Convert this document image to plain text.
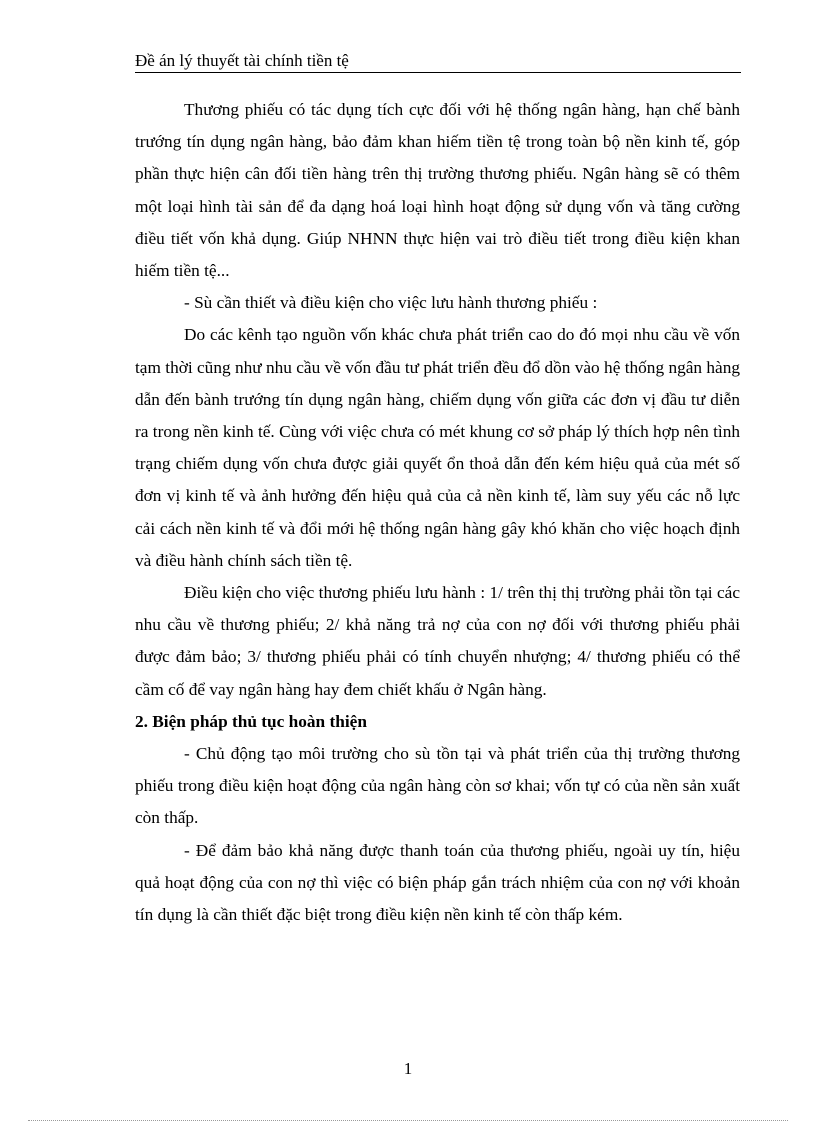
Đề án lý thuyết tài chính tiền tệ

Thương phiếu có tác dụng tích cực đối với hệ thống ngân hàng, hạn chế bành trướng tín dụng ngân hàng, bảo đảm khan hiếm tiền tệ trong toàn bộ nền kinh tế, góp phần thực hiện cân đối tiền hàng trên thị trường thương phiếu. Ngân hàng sẽ có thêm một loại hình tài sản để đa dạng hoá loại hình hoạt động sử dụng vốn và tăng cường điều tiết vốn khả dụng. Giúp NHNN thực hiện vai trò điều tiết trong điều kiện khan hiếm tiền tệ...

- Sù cần thiết và điều kiện cho việc lưu hành thương phiếu :

Do các kênh tạo nguồn vốn khác chưa phát triển cao do đó mọi nhu cầu về vốn tạm thời cũng như nhu cầu về vốn đầu tư phát triển đều đổ dồn vào hệ thống ngân hàng dẫn đến bành trướng tín dụng ngân hàng, chiếm dụng vốn giữa các đơn vị đầu tư diễn ra trong nền kinh tế. Cùng với việc chưa có mét khung cơ sở pháp lý thích hợp nên tình trạng chiếm dụng vốn chưa được giải quyết ổn thoả dẫn đến kém hiệu quả của mét số đơn vị kinh tế và ảnh hưởng đến hiệu quả của cả nền kinh tế, làm suy yếu các nỗ lực cải cách nền kinh tế và đổi mới hệ thống ngân hàng gây khó khăn cho việc hoạch định và điều hành chính sách tiền tệ.

Điều kiện cho việc thương phiếu lưu hành : 1/ trên thị thị trường phải tồn tại các nhu cầu về thương phiếu; 2/ khả năng trả nợ của con nợ đối với thương phiếu phải được đảm bảo; 3/ thương phiếu phải có tính chuyển nhượng; 4/ thương phiếu có thể cầm cố để vay ngân hàng hay đem chiết khấu ở Ngân hàng.

2. Biện pháp thủ tục hoàn thiện

- Chủ động tạo môi trường cho sù tồn tại và phát triển của thị trường thương phiếu trong điều kiện hoạt động của ngân hàng còn sơ khai; vốn tự có của nền sản xuất còn thấp.

- Để đảm bảo khả năng được thanh toán của thương phiếu, ngoài uy tín, hiệu quả hoạt động của con nợ thì việc có biện pháp gắn trách nhiệm của con nợ với khoản tín dụng là cần thiết đặc biệt trong điều kiện nền kinh tế còn thấp kém.

1
